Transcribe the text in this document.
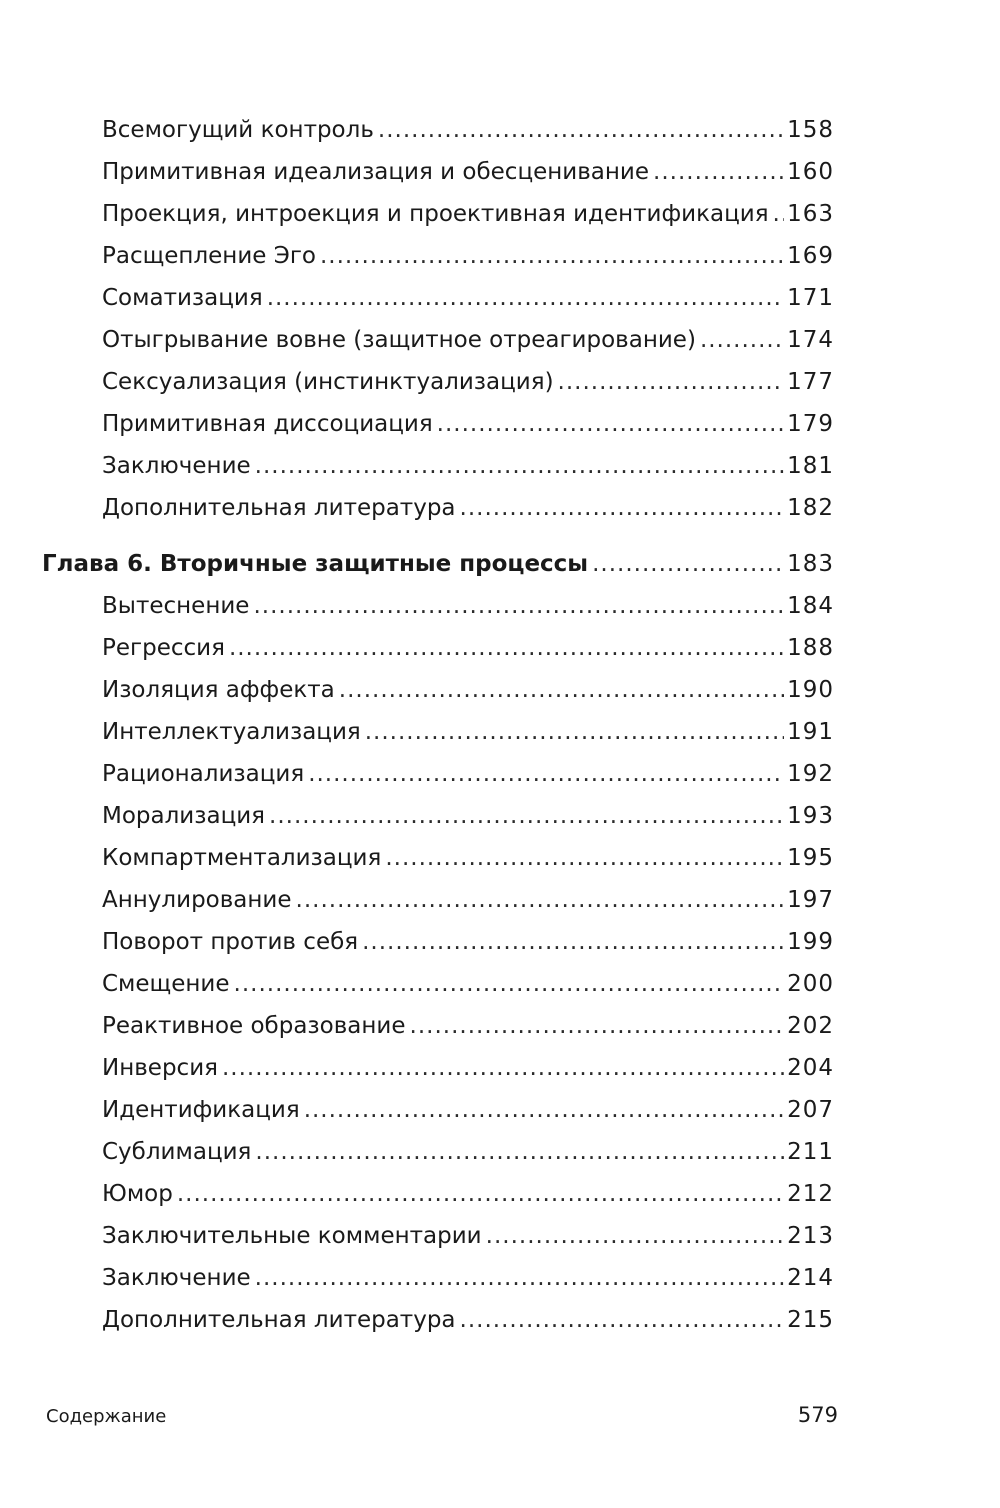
Всемогущий контроль .....	158
Примитивная идеализация и обесценивание .....	160
Проекция, интроекция и проективная идентификация ..... 163
Расщепление Эго .....	169
Соматизация .....	171
Отыгрывание вовне (защитное отреагирование) .....	174
Сексуализация (инстинктуализация) .....	177
Примитивная диссоциация .....	179
Заключение .....	181
Дополнительная литература .....	182
Глава 6. Вторичные защитные процессы .....	183
Вытеснение .....	184
Регрессия .....	188
Изоляция аффекта .....	190
Интеллектуализация .....	191
Рационализация .....	192
Морализация .....	193
Компартментализация .....	195
Аннулирование .....	197
Поворот против себя .....	199
Смещение .....	200
Реактивное образование .....	202
Инверсия .....	204
Идентификация .....	207
Сублимация .....	211
Юмор .....	212
Заключительные комментарии .....	213
Заключение .....	214
Дополнительная литература .....	215
Содержание	579
